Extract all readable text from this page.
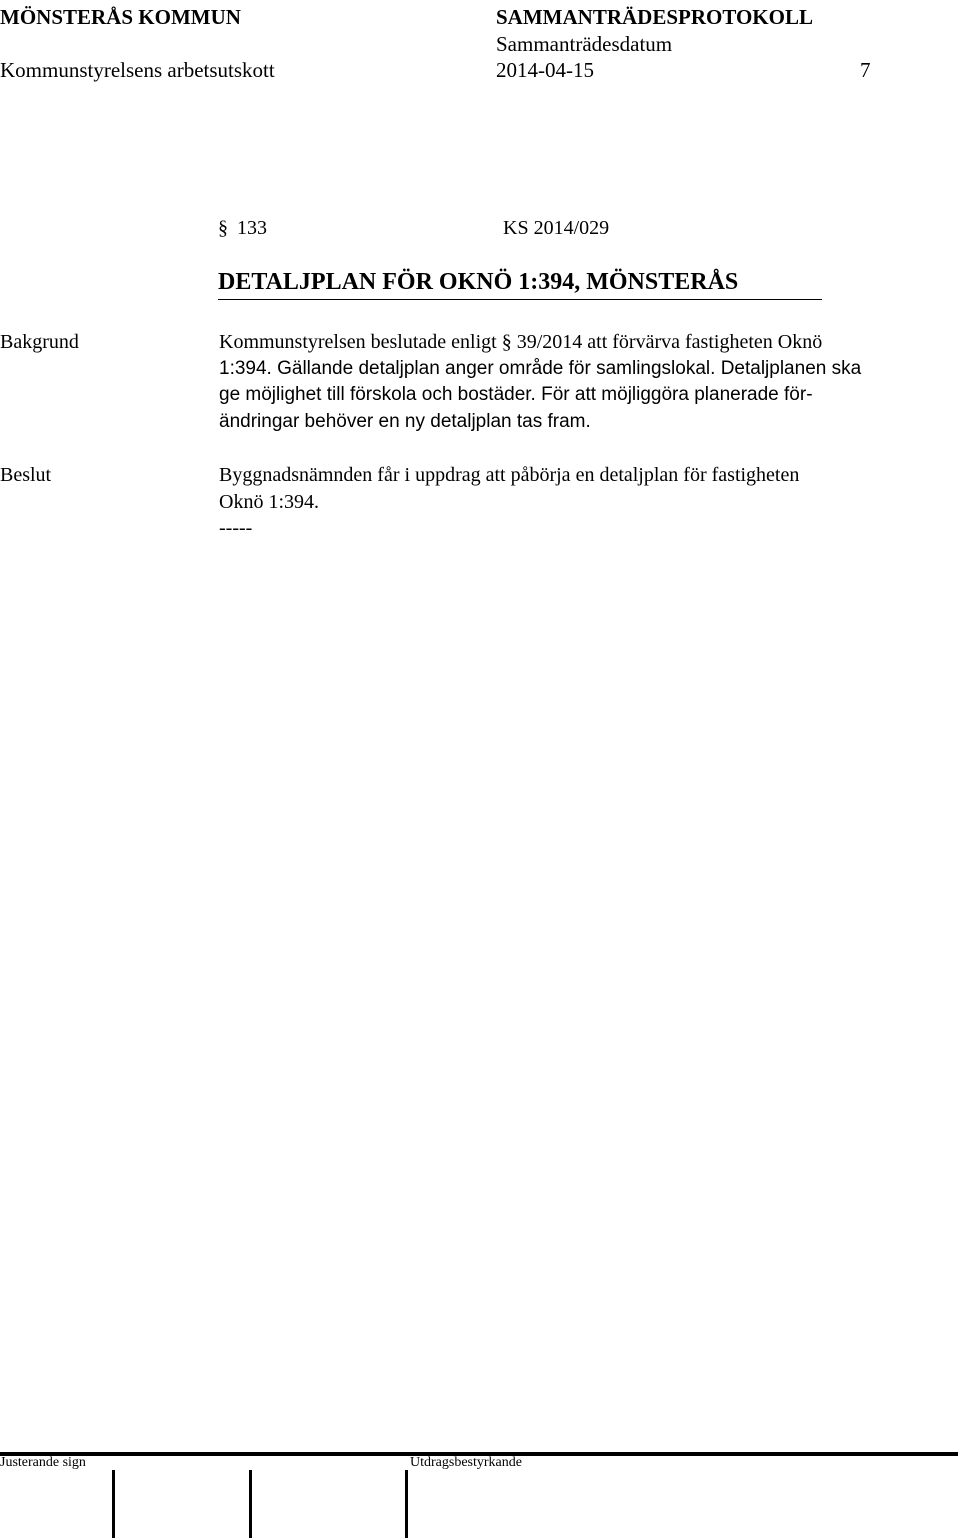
MÖNSTERÅS KOMMUN	SAMMANTRÄDESPROTOKOLL
Sammanträdesdatum
Kommunstyrelsens arbetsutskott	2014-04-15	7
§ 133	KS 2014/029
DETALJPLAN FÖR OKNÖ 1:394, MÖNSTERÅS
Bakgrund	Kommunstyrelsen beslutade enligt § 39/2014 att förvärva fastigheten Oknö
1:394. Gällande detaljplan anger område för samlingslokal. Detaljplanen ska
ge möjlighet till förskola och bostäder. För att möjliggöra planerade för-
ändringar behöver en ny detaljplan tas fram.
Beslut	Byggnadsnämnden får i uppdrag att påbörja en detaljplan för fastigheten
Oknö 1:394.
-----
Justerande sign	Utdragsbestyrkande
